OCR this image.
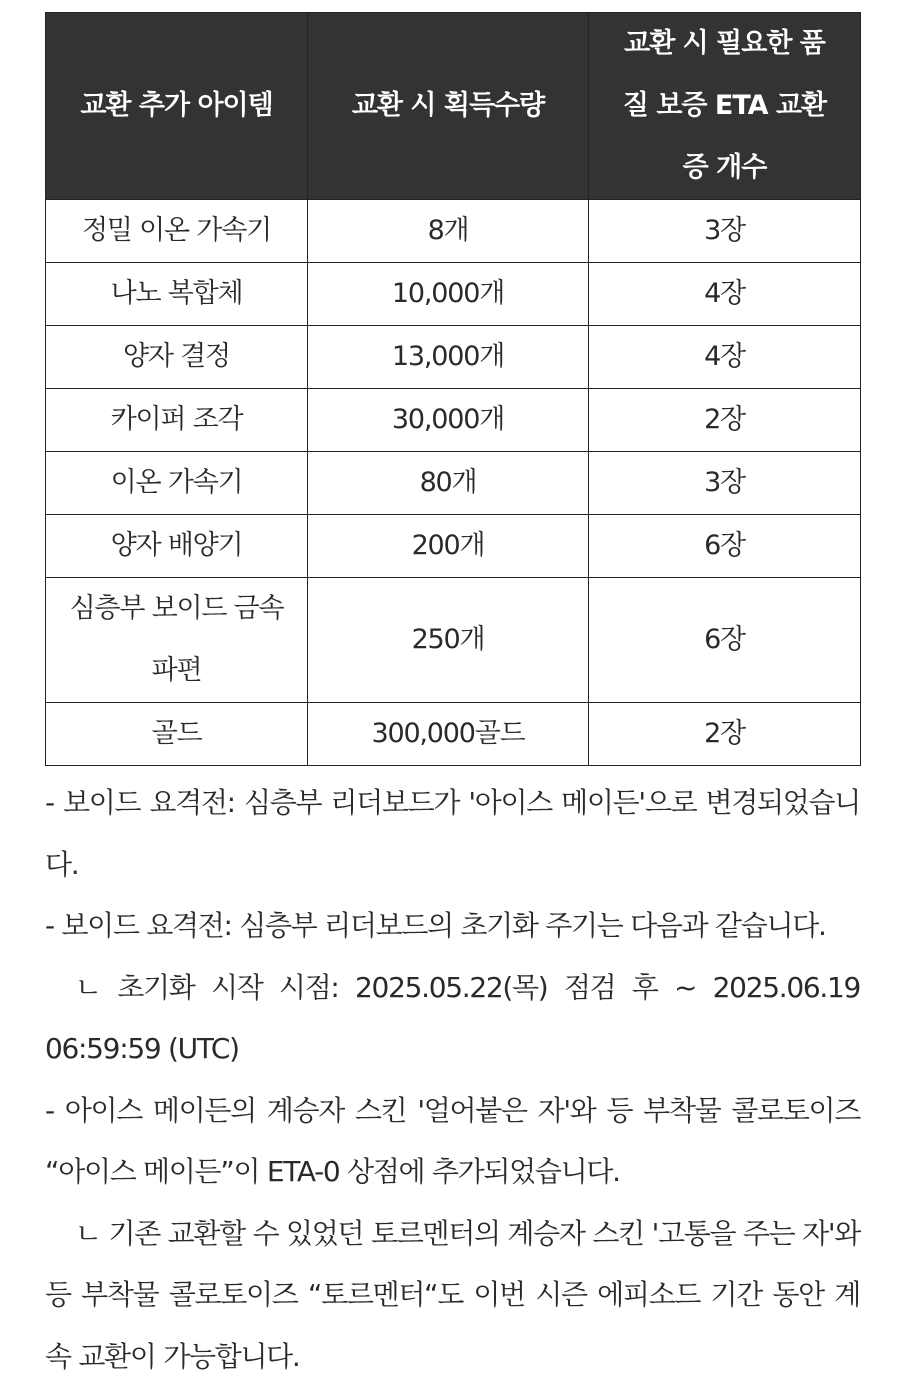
교환 추가 아이템	교환 시 획득수량	교환 시 필요한 품질 보증 ETA 교환증 개수
정밀 이온 가속기	8개	3장
나노 복합체	10,000개	4장
양자 결정	13,000개	4장
카이퍼 조각	30,000개	2장
이온 가속기	80개	3장
양자 배양기	200개	6장
심층부 보이드 금속 파편	250개	6장
골드	300,000골드	2장

- 보이드 요격전: 심층부 리더보드가 '아이스 메이든'으로 변경되었습니다.

- 보이드 요격전: 심층부 리더보드의 초기화 주기는 다음과 같습니다.

ㄴ 초기화 시작 시점: 2025.05.22(목) 점검 후 ~ 2025.06.19 06:59:59 (UTC)

- 아이스 메이든의 계승자 스킨 '얼어붙은 자'와 등 부착물 콜로토이즈 “아이스 메이든”이 ETA-0 상점에 추가되었습니다.

ㄴ 기존 교환할 수 있었던 토르멘터의 계승자 스킨 '고통을 주는 자'와 등 부착물 콜로토이즈 “토르멘터“도 이번 시즌 에피소드 기간 동안 계속 교환이 가능합니다.
